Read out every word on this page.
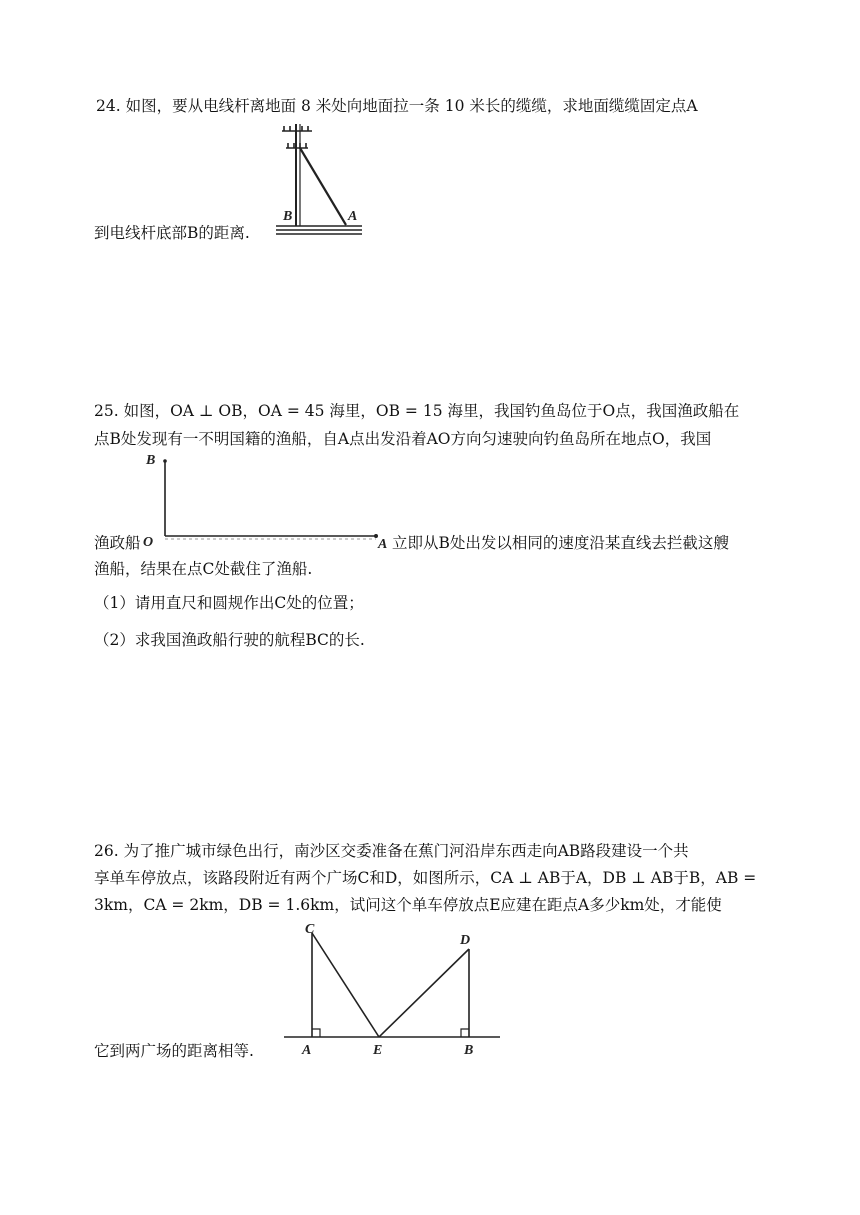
24. 如图，要从电线杆离地面 8 米处向地面拉一条 10 米长的缆缆，求地面缆缆固定点A
B	A
到电线杆底部B的距离.
25. 如图，OA ⊥ OB，OA = 45 海里，OB = 15 海里，我国钓鱼岛位于O点，我国渔政船在
点B处发现有一不明国籍的渔船，自A点出发沿着AO方向匀速驶向钓鱼岛所在地点O，我国
B
O	A
渔政船	立即从B处出发以相同的速度沿某直线去拦截这艘
渔船，结果在点C处截住了渔船.
（1）请用直尺和圆规作出C处的位置；
（2）求我国渔政船行驶的航程BC的长.
26. 为了推广城市绿色出行，南沙区交委准备在蕉门河沿岸东西走向AB路段建设一个共
享单车停放点，该路段附近有两个广场C和D，如图所示，CA ⊥ AB于A，DB ⊥ AB于B，AB =
3km，CA = 2km，DB = 1.6km，试问这个单车停放点E应建在距点A多少km处，才能使
C
D
A	E	B
它到两广场的距离相等.
